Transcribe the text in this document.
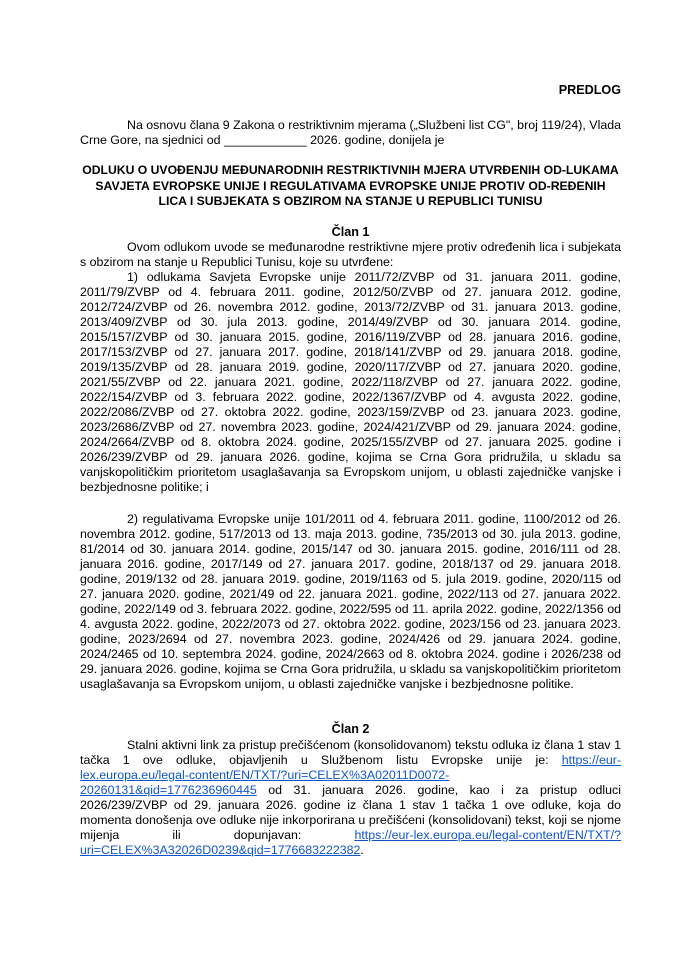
PREDLOG
Na osnovu člana 9 Zakona o restriktivnim mjerama („Službeni list CG", broj 119/24), Vlada Crne Gore, na sjednici od ____________ 2026. godine, donijela je
ODLUKU O UVOĐENJU MEĐUNARODNIH RESTRIKTIVNIH MJERA UTVRĐENIH OD-LUKAMA SAVJETA EVROPSKE UNIJE I REGULATIVAMA EVROPSKE UNIJE PROTIV OD-REĐENIH LICA I SUBJEKATA S OBZIROM NA STANJE U REPUBLICI TUNISU
Član 1
Ovom odlukom uvode se međunarodne restriktivne mjere protiv određenih lica i subjekata s obzirom na stanje u Republici Tunisu, koje su utvrđene:
1) odlukama Savjeta Evropske unije 2011/72/ZVBP od 31. januara 2011. godine, 2011/79/ZVBP od 4. februara 2011. godine, 2012/50/ZVBP od 27. januara 2012. godine, 2012/724/ZVBP od 26. novembra 2012. godine, 2013/72/ZVBP od 31. januara 2013. godine, 2013/409/ZVBP od 30. jula 2013. godine, 2014/49/ZVBP od 30. januara 2014. godine, 2015/157/ZVBP od 30. januara 2015. godine, 2016/119/ZVBP od 28. januara 2016. godine, 2017/153/ZVBP od 27. januara 2017. godine, 2018/141/ZVBP od 29. januara 2018. godine, 2019/135/ZVBP od 28. januara 2019. godine, 2020/117/ZVBP od 27. januara 2020. godine, 2021/55/ZVBP od 22. januara 2021. godine, 2022/118/ZVBP od 27. januara 2022. godine, 2022/154/ZVBP od 3. februara 2022. godine, 2022/1367/ZVBP od 4. avgusta 2022. godine, 2022/2086/ZVBP od 27. oktobra 2022. godine, 2023/159/ZVBP od 23. januara 2023. godine, 2023/2686/ZVBP od 27. novembra 2023. godine, 2024/421/ZVBP od 29. januara 2024. godine, 2024/2664/ZVBP od 8. oktobra 2024. godine, 2025/155/ZVBP od 27. januara 2025. godine i 2026/239/ZVBP od 29. januara 2026. godine, kojima se Crna Gora pridružila, u skladu sa vanjskopolitičkim prioritetom usaglašavanja sa Evropskom unijom, u oblasti zajedničke vanjske i bezbjednosne politike; i
2) regulativama Evropske unije 101/2011 od 4. februara 2011. godine, 1100/2012 od 26. novembra 2012. godine, 517/2013 od 13. maja 2013. godine, 735/2013 od 30. jula 2013. godine, 81/2014 od 30. januara 2014. godine, 2015/147 od 30. januara 2015. godine, 2016/111 od 28. januara 2016. godine, 2017/149 od 27. januara 2017. godine, 2018/137 od 29. januara 2018. godine, 2019/132 od 28. januara 2019. godine, 2019/1163 od 5. jula 2019. godine, 2020/115 od 27. januara 2020. godine, 2021/49 od 22. januara 2021. godine, 2022/113 od 27. januara 2022. godine, 2022/149 od 3. februara 2022. godine, 2022/595 od 11. aprila 2022. godine, 2022/1356 od 4. avgusta 2022. godine, 2022/2073 od 27. oktobra 2022. godine, 2023/156 od 23. januara 2023. godine, 2023/2694 od 27. novembra 2023. godine, 2024/426 od 29. januara 2024. godine, 2024/2465 od 10. septembra 2024. godine, 2024/2663 od 8. oktobra 2024. godine i 2026/238 od 29. januara 2026. godine, kojima se Crna Gora pridružila, u skladu sa vanjskopolitičkim prioritetom usaglašavanja sa Evropskom unijom, u oblasti zajedničke vanjske i bezbjednosne politike.
Član 2
Stalni aktivni link za pristup prečišćenom (konsolidovanom) tekstu odluka iz člana 1 stav 1 tačka 1 ove odluke, objavljenih u Službenom listu Evropske unije je: https://eur-lex.europa.eu/legal-content/EN/TXT/?uri=CELEX%3A02011D0072-20260131&qid=1776236960445 od 31. januara 2026. godine, kao i za pristup odluci 2026/239/ZVBP od 29. januara 2026. godine iz člana 1 stav 1 tačka 1 ove odluke, koja do momenta donošenja ove odluke nije inkorporirana u prečišćeni (konsolidovani) tekst, koji se njome mijenja ili dopunjavan: https://eur-lex.europa.eu/legal-content/EN/TXT/?uri=CELEX%3A32026D0239&qid=1776683222382.
